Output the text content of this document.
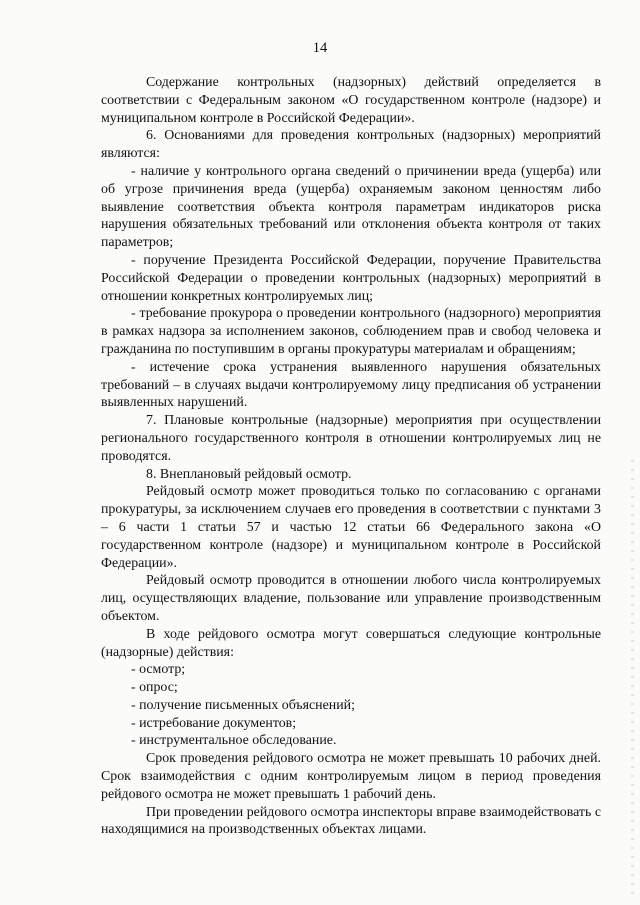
14

Содержание контрольных (надзорных) действий определяется в соответствии с Федеральным законом «О государственном контроле (надзоре) и муниципальном контроле в Российской Федерации».

6. Основаниями для проведения контрольных (надзорных) мероприятий являются:

- наличие у контрольного органа сведений о причинении вреда (ущерба) или об угрозе причинения вреда (ущерба) охраняемым законом ценностям либо выявление соответствия объекта контроля параметрам индикаторов риска нарушения обязательных требований или отклонения объекта контроля от таких параметров;

- поручение Президента Российской Федерации, поручение Правительства Российской Федерации о проведении контрольных (надзорных) мероприятий в отношении конкретных контролируемых лиц;

- требование прокурора о проведении контрольного (надзорного) мероприятия в рамках надзора за исполнением законов, соблюдением прав и свобод человека и гражданина по поступившим в органы прокуратуры материалам и обращениям;

- истечение срока устранения выявленного нарушения обязательных требований – в случаях выдачи контролируемому лицу предписания об устранении выявленных нарушений.

7. Плановые контрольные (надзорные) мероприятия при осуществлении регионального государственного контроля в отношении контролируемых лиц не проводятся.

8. Внеплановый рейдовый осмотр.

Рейдовый осмотр может проводиться только по согласованию с органами прокуратуры, за исключением случаев его проведения в соответствии с пунктами 3 – 6 части 1 статьи 57 и частью 12 статьи 66 Федерального закона «О государственном контроле (надзоре) и муниципальном контроле в Российской Федерации».

Рейдовый осмотр проводится в отношении любого числа контролируемых лиц, осуществляющих владение, пользование или управление производственным объектом.

В ходе рейдового осмотра могут совершаться следующие контрольные (надзорные) действия:

- осмотр;

- опрос;

- получение письменных объяснений;

- истребование документов;

- инструментальное обследование.

Срок проведения рейдового осмотра не может превышать 10 рабочих дней. Срок взаимодействия с одним контролируемым лицом в период проведения рейдового осмотра не может превышать 1 рабочий день.

При проведении рейдового осмотра инспекторы вправе взаимодействовать с находящимися на производственных объектах лицами.
